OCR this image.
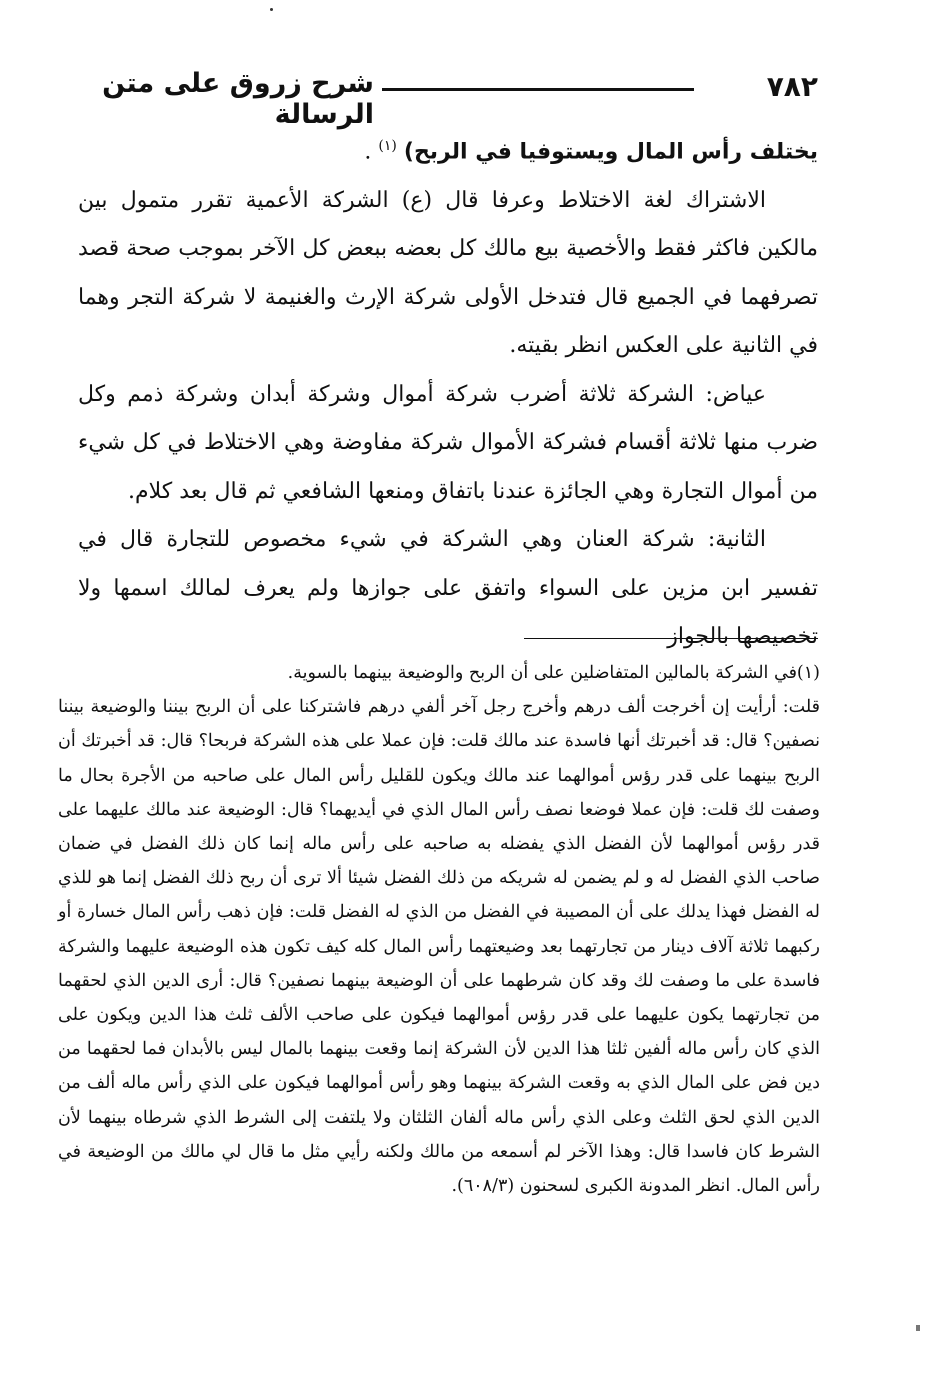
شرح زروق على متن الرسالة
٧٨٢

يختلف رأس المال ويستوفيا في الربح) $^{(١)}$ .

الاشتراك لغة الاختلاط وعرفا قال (ع) الشركة الأعمية تقرر متمول بين مالكين فاكثر فقط والأخصية بيع مالك كل بعضه ببعض كل الآخر بموجب صحة قصد تصرفهما في الجميع قال فتدخل الأولى شركة الإرث والغنيمة لا شركة التجر وهما في الثانية على العكس انظر بقيته.

عياض: الشركة ثلاثة أضرب شركة أموال وشركة أبدان وشركة ذمم وكل ضرب منها ثلاثة أقسام فشركة الأموال شركة مفاوضة وهي الاختلاط في كل شيء من أموال التجارة وهي الجائزة عندنا باتفاق ومنعها الشافعي ثم قال بعد كلام.

الثانية: شركة العنان وهي الشركة في شيء مخصوص للتجارة قال في تفسير ابن مزين على السواء واتفق على جوازها ولم يعرف لمالك اسمها ولا تخصيصها بالجواز

(١)في الشركة بالمالين المتفاضلين على أن الربح والوضيعة بينهما بالسوية.

قلت: أرأيت إن أخرجت ألف درهم وأخرج رجل آخر ألفي درهم فاشتركنا على أن الربح بيننا والوضيعة بيننا نصفين؟ قال: قد أخبرتك أنها فاسدة عند مالك قلت: فإن عملا على هذه الشركة فربحا؟ قال: قد أخبرتك أن الربح بينهما على قدر رؤس أموالهما عند مالك ويكون للقليل رأس المال على صاحبه من الأجرة بحال ما وصفت لك قلت: فإن عملا فوضعا نصف رأس المال الذي في أيديهما؟ قال: الوضيعة عند مالك عليهما على قدر رؤس أموالهما لأن الفضل الذي يفضله به صاحبه على رأس ماله إنما كان ذلك الفضل في ضمان صاحب الذي الفضل له و لم يضمن له شريكه من ذلك الفضل شيئا ألا ترى أن ربح ذلك الفضل إنما هو للذي له الفضل فهذا يدلك على أن المصيبة في الفضل من الذي له الفضل قلت: فإن ذهب رأس المال خسارة أو ركبهما ثلاثة آلاف دينار من تجارتهما بعد وضيعتهما رأس المال كله كيف تكون هذه الوضيعة عليهما والشركة فاسدة على ما وصفت لك وقد كان شرطهما على أن الوضيعة بينهما نصفين؟ قال: أرى الدين الذي لحقهما من تجارتهما يكون عليهما على قدر رؤس أموالهما فيكون على صاحب الألف ثلث هذا الدين ويكون على الذي كان رأس ماله ألفين ثلثا هذا الدين لأن الشركة إنما وقعت بينهما بالمال ليس بالأبدان فما لحقهما من دين فض على المال الذي به وقعت الشركة بينهما وهو رأس أموالهما فيكون على الذي رأس ماله ألف من الدين الذي لحق الثلث وعلى الذي رأس ماله ألفان الثلثان ولا يلتفت إلى الشرط الذي شرطاه بينهما لأن الشرط كان فاسدا قال: وهذا الآخر لم أسمعه من مالك ولكنه رأيي مثل ما قال لي مالك من الوضيعة في رأس المال. انظر المدونة الكبرى لسحنون (٦٠٨/٣).
